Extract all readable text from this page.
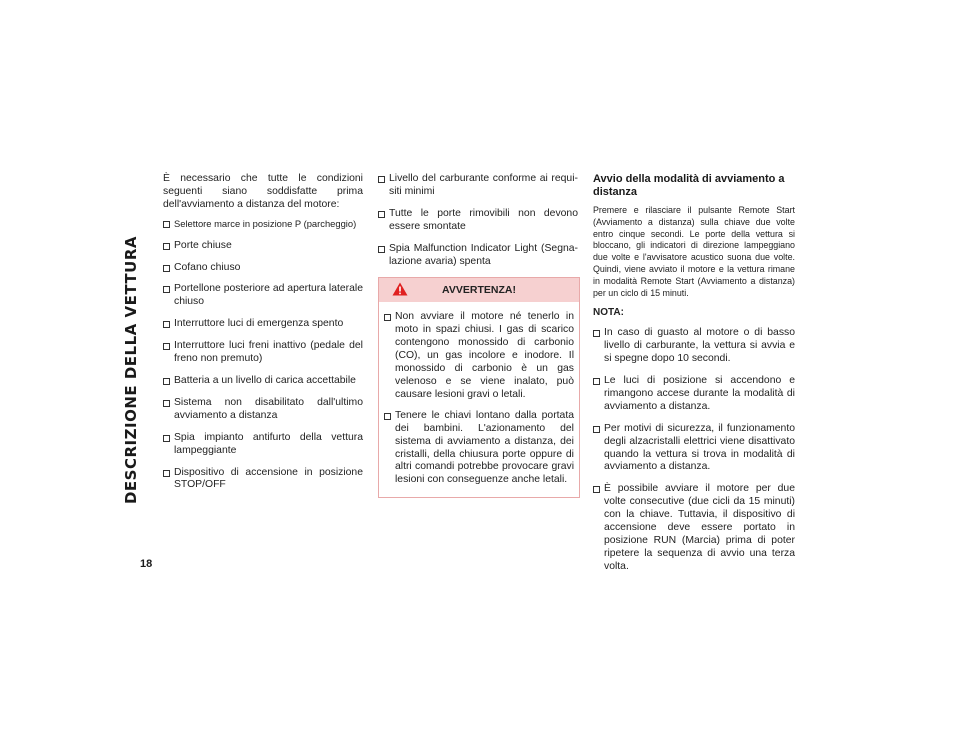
DESCRIZIONE DELLA VETTURA
18

È necessario che tutte le condizioni seguenti siano soddisfatte prima dell'avviamento a distanza del motore:

Selettore marce in posizione P (parcheggio)
Porte chiuse
Cofano chiuso
Portellone posteriore ad apertura laterale chiuso
Interruttore luci di emergenza spento
Interruttore luci freni inattivo (pedale del freno non premuto)
Batteria a un livello di carica accettabile
Sistema non disabilitato dall'ultimo avviamento a distanza
Spia impianto antifurto della vettura lampeggiante
Dispositivo di accensione in posizione STOP/OFF
Livello del carburante conforme ai requisiti minimi
Tutte le porte rimovibili non devono essere smontate
Spia Malfunction Indicator Light (Segnalazione avaria) spenta
AVVERTENZA!
Non avviare il motore né tenerlo in moto in spazi chiusi. I gas di scarico contengono monossido di carbonio (CO), un gas incolore e inodore. Il monossido di carbonio è un gas velenoso e se viene inalato, può causare lesioni gravi o letali.
Tenere le chiavi lontano dalla portata dei bambini. L'azionamento del sistema di avviamento a distanza, dei cristalli, della chiusura porte oppure di altri comandi potrebbe provocare gravi lesioni con conseguenze anche letali.
Avvio della modalità di avviamento a distanza

Premere e rilasciare il pulsante Remote Start (Avviamento a distanza) sulla chiave due volte entro cinque secondi. Le porte della vettura si bloccano, gli indicatori di direzione lampeggiano due volte e l'avvisatore acustico suona due volte. Quindi, viene avviato il motore e la vettura rimane in modalità Remote Start (Avviamento a distanza) per un ciclo di 15 minuti.

NOTA:
In caso di guasto al motore o di basso livello di carburante, la vettura si avvia e si spegne dopo 10 secondi.
Le luci di posizione si accendono e rimangono accese durante la modalità di avviamento a distanza.
Per motivi di sicurezza, il funzionamento degli alzacristalli elettrici viene disattivato quando la vettura si trova in modalità di avviamento a distanza.
È possibile avviare il motore per due volte consecutive (due cicli da 15 minuti) con la chiave. Tuttavia, il dispositivo di accensione deve essere portato in posizione RUN (Marcia) prima di poter ripetere la sequenza di avvio una terza volta.
